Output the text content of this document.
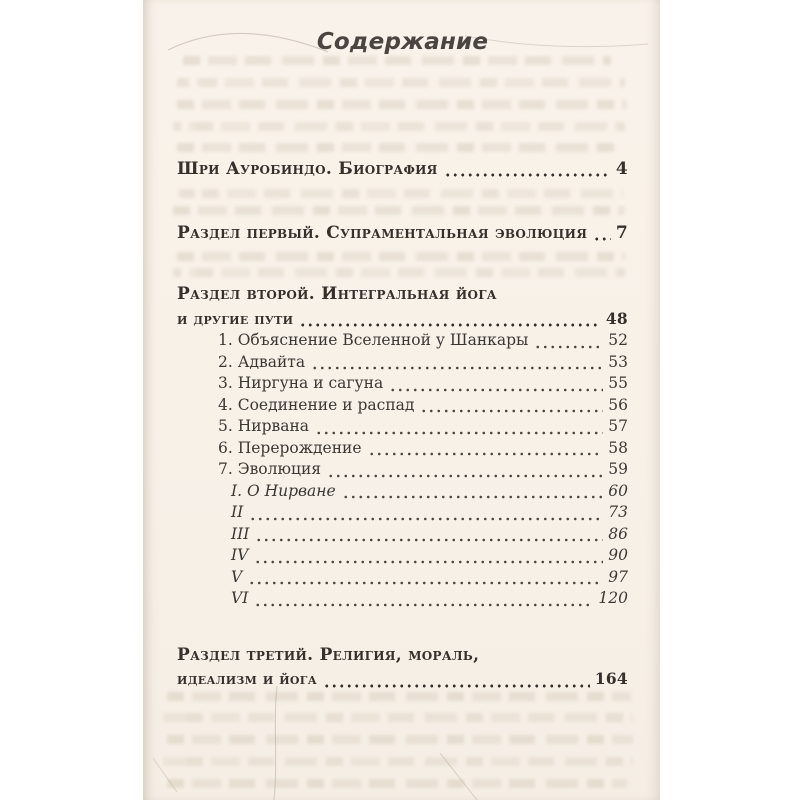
Содержание
Шри Ауробиндо. Биография	4
Раздел первый. Супраментальная эволюция 7
Раздел второй. Интегральная йога
и другие пути	48
1. Объяснение Вселенной у Шанкары	52
2. Адвайта	53
3. Ниргуна и сагуна	55
4. Соединение и распад	56
5. Нирвана	57
6. Перерождение	58
7. Эволюция	59
I. О Нирване	60
II	73
III	86
IV	90
V	97
VI	120
Раздел третий. Религия, мораль,
идеализм и йога	164
